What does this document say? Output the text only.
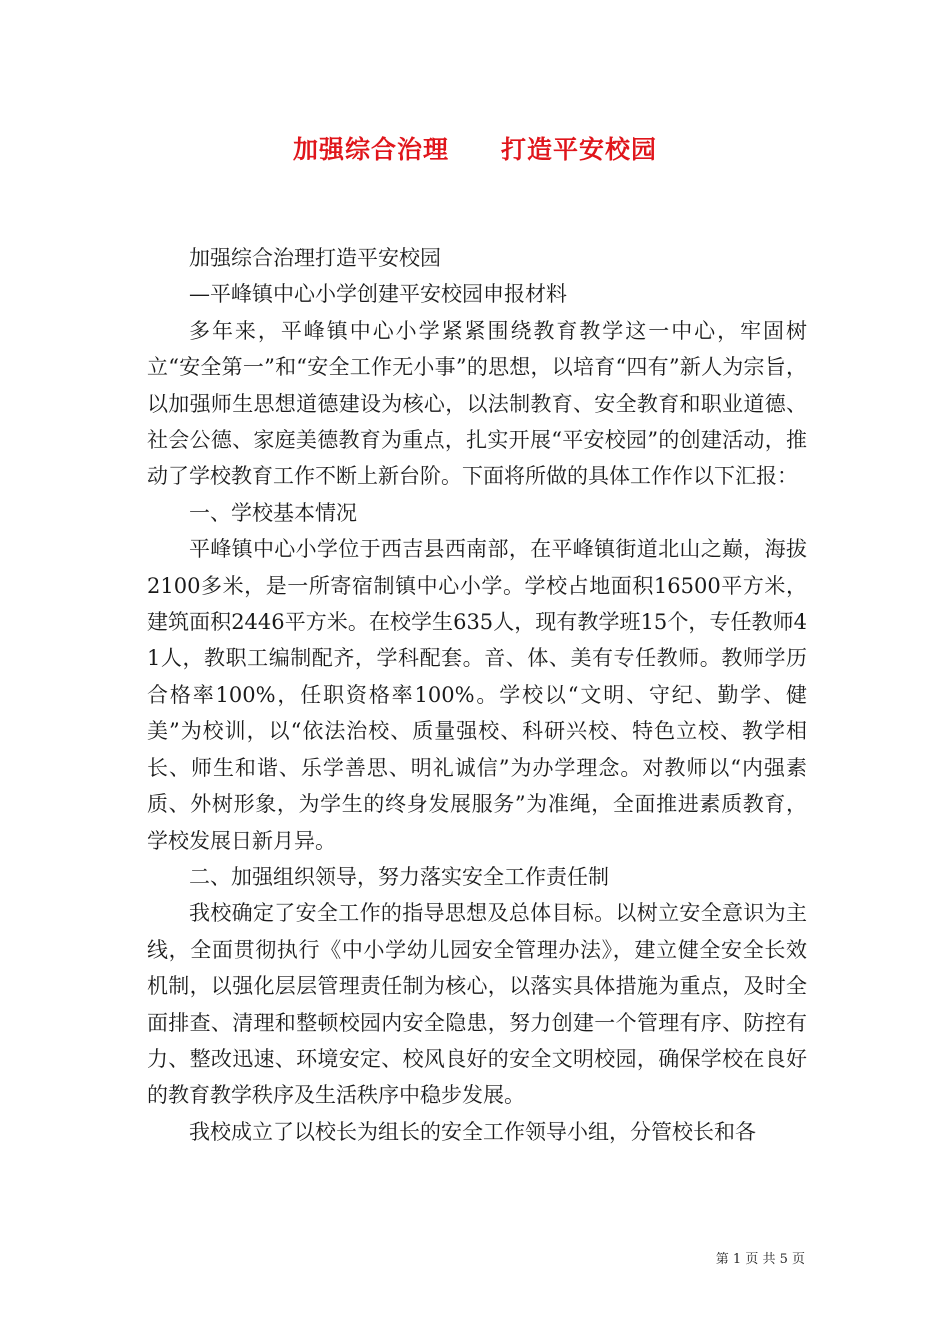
加强综合治理　　打造平安校园

加强综合治理打造平安校园

—平峰镇中心小学创建平安校园申报材料

多年来，平峰镇中心小学紧紧围绕教育教学这一中心，牢固树立“安全第一”和“安全工作无小事”的思想，以培育“四有”新人为宗旨，以加强师生思想道德建设为核心，以法制教育、安全教育和职业道德、社会公德、家庭美德教育为重点，扎实开展“平安校园”的创建活动，推动了学校教育工作不断上新台阶。下面将所做的具体工作作以下汇报：

一、学校基本情况

平峰镇中心小学位于西吉县西南部，在平峰镇街道北山之巅，海拔2100多米，是一所寄宿制镇中心小学。学校占地面积16500平方米，建筑面积2446平方米。在校学生635人，现有教学班15个，专任教师41人，教职工编制配齐，学科配套。音、体、美有专任教师。教师学历合格率100%，任职资格率100%。学校以“文明、守纪、勤学、健美”为校训，以“依法治校、质量强校、科研兴校、特色立校、教学相长、师生和谐、乐学善思、明礼诚信”为办学理念。对教师以“内强素质、外树形象，为学生的终身发展服务”为准绳，全面推进素质教育，学校发展日新月异。

二、加强组织领导，努力落实安全工作责任制

我校确定了安全工作的指导思想及总体目标。以树立安全意识为主线，全面贯彻执行《中小学幼儿园安全管理办法》，建立健全安全长效机制，以强化层层管理责任制为核心，以落实具体措施为重点，及时全面排查、清理和整顿校园内安全隐患，努力创建一个管理有序、防控有力、整改迅速、环境安定、校风良好的安全文明校园，确保学校在良好的教育教学秩序及生活秩序中稳步发展。

我校成立了以校长为组长的安全工作领导小组，分管校长和各

第 1 页 共 5 页
